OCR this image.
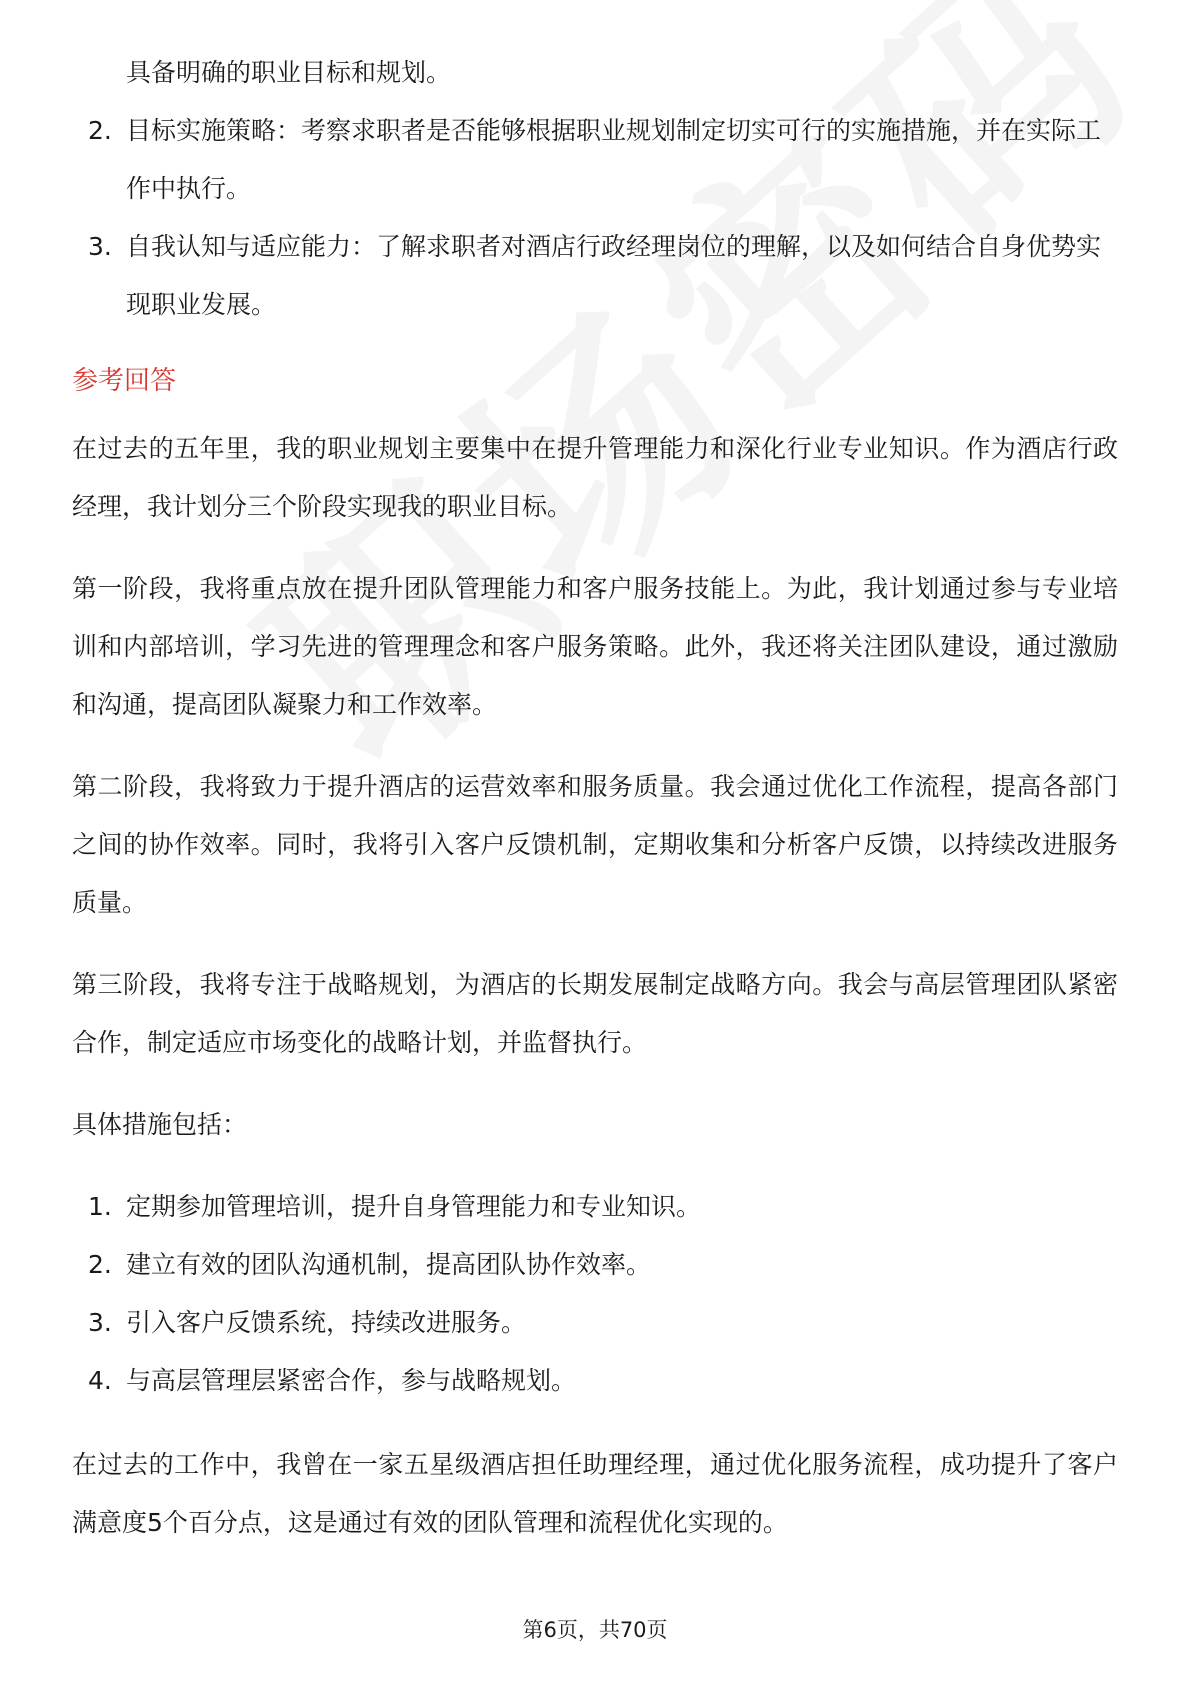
具备明确的职业目标和规划。
2. 目标实施策略：考察求职者是否能够根据职业规划制定切实可行的实施措施，并在实际工作中执行。
3. 自我认知与适应能力：了解求职者对酒店行政经理岗位的理解，以及如何结合自身优势实现职业发展。
参考回答

在过去的五年里，我的职业规划主要集中在提升管理能力和深化行业专业知识。作为酒店行政经理，我计划分三个阶段实现我的职业目标。

第一阶段，我将重点放在提升团队管理能力和客户服务技能上。为此，我计划通过参与专业培训和内部培训，学习先进的管理理念和客户服务策略。此外，我还将关注团队建设，通过激励和沟通，提高团队凝聚力和工作效率。

第二阶段，我将致力于提升酒店的运营效率和服务质量。我会通过优化工作流程，提高各部门之间的协作效率。同时，我将引入客户反馈机制，定期收集和分析客户反馈，以持续改进服务质量。

第三阶段，我将专注于战略规划，为酒店的长期发展制定战略方向。我会与高层管理团队紧密合作，制定适应市场变化的战略计划，并监督执行。

具体措施包括：

1. 定期参加管理培训，提升自身管理能力和专业知识。
2. 建立有效的团队沟通机制，提高团队协作效率。
3. 引入客户反馈系统，持续改进服务。
4. 与高层管理层紧密合作，参与战略规划。

在过去的工作中，我曾在一家五星级酒店担任助理经理，通过优化服务流程，成功提升了客户满意度5个百分点，这是通过有效的团队管理和流程优化实现的。

第6页，共70页
